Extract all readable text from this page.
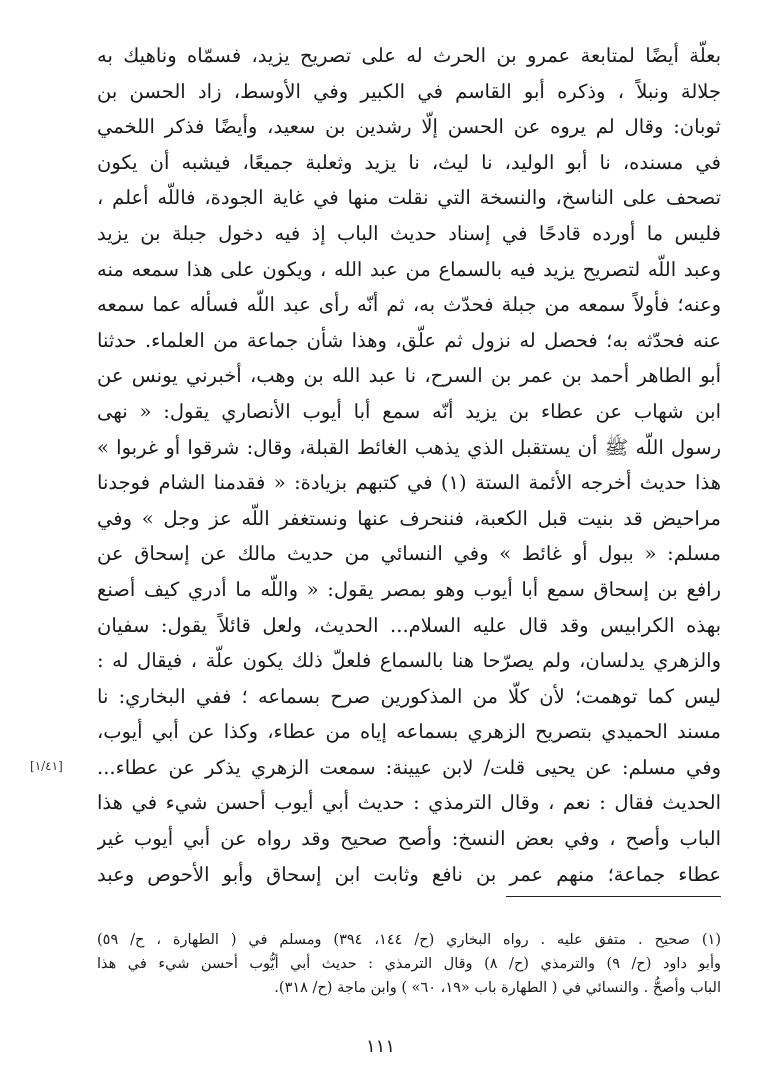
بعلّة أيضًا لمتابعة عمرو بن الحرث له على تصريح يزيد، فسمّاه وناهيك به
جلالة ونبلاً ، وذكره أبو القاسم في الكبير وفي الأوسط، زاد الحسن بن
ثوبان: وقال لم يروه عن الحسن إلّا رشدين بن سعيد، وأيضًا فذكر اللخمي
في مسنده، نا أبو الوليد، نا ليث، نا يزيد وثعلبة جميعًا، فيشبه أن يكون
تصحف على الناسخ، والنسخة التي نقلت منها في غاية الجودة، فاللّه أعلم ،
فليس ما أورده قادحًا في إسناد حديث الباب إذ فيه دخول جبلة بن يزيد
وعبد اللّه لتصريح يزيد فيه بالسماع من عبد الله ، ويكون على هذا سمعه منه
وعنه؛ فأولاً سمعه من جبلة فحدّث به، ثم أنّه رأى عبد اللّه فسأله عما سمعه
عنه فحدّثه به؛ فحصل له نزول ثم علّق، وهذا شأن جماعة من العلماء. حدثنا
أبو الطاهر أحمد بن عمر بن السرح، نا عبد الله بن وهب، أخبرني يونس عن
ابن شهاب عن عطاء بن يزيد أنّه سمع أبا أيوب الأنصاري يقول: « نهى
رسول اللّه ﷺ أن يستقبل الذي يذهب الغائط القبلة، وقال: شرقوا أو غربوا »
هذا حديث أخرجه الأئمة الستة (١) في كتبهم بزيادة: « فقدمنا الشام فوجدنا
مراحيض قد بنيت قبل الكعبة، فننحرف عنها ونستغفر اللّه عز وجل » وفي
مسلم: « ببول أو غائط » وفي النسائي من حديث مالك عن إسحاق عن
رافع بن إسحاق سمع أبا أيوب وهو بمصر يقول: « واللّه ما أدري كيف أصنع
بهذه الكرابيس وقد قال عليه السلام... الحديث، ولعل قائلاً يقول: سفيان
والزهري يدلسان، ولم يصرّحا هنا بالسماع فلعلّ ذلك يكون علّة ، فيقال له :
ليس كما توهمت؛ لأن كلّا من المذكورين صرح بسماعه ؛ ففي البخاري: نا
مسند الحميدي بتصريح الزهري بسماعه إياه من عطاء، وكذا عن أبي أيوب،
وفي مسلم: عن يحيى قلت/ لابن عيينة: سمعت الزهري يذكر عن عطاء...
الحديث فقال : نعم ، وقال الترمذي : حديث أبي أيوب أحسن شيء في هذا
الباب وأصح ، وفي بعض النسخ: وأصح صحيح وقد رواه عن أبي أيوب غير
عطاء جماعة؛ منهم عمر بن نافع وثابت ابن إسحاق وأبو الأحوص وعبد
[١/٤١]
(١) صحيح . متفق عليه . رواه البخاري (ح/ ١٤٤، ٣٩٤) ومسلم في ( الطهارة ، ح/ ٥٩)
وأبو داود (ح/ ٩) والترمذي (ح/ ٨) وقال الترمذي : حديث أبي أيُّوب أحسن شيء في هذا
الباب وأصحُّ . والنسائي في ( الطهارة باب «١٩، ٦٠» ) وابن ماجة (ح/ ٣١٨).
١١١
